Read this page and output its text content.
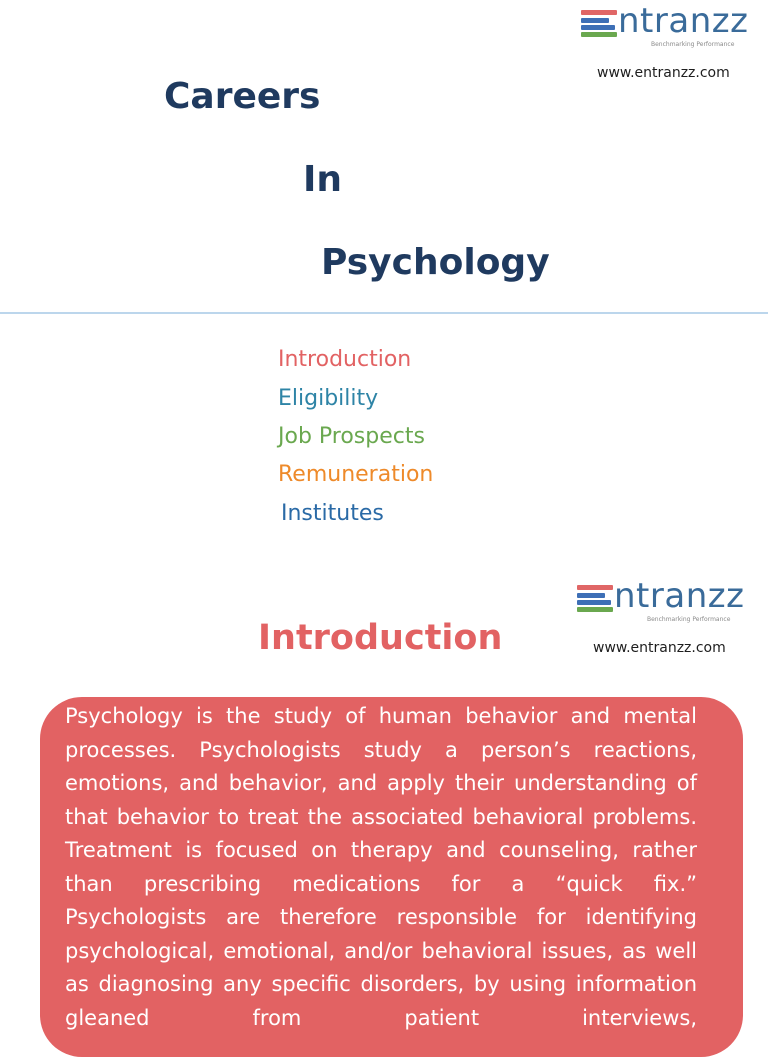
ntranzz
Benchmarking Performance
www.entranzz.com
Careers
In
Psychology
Introduction
Eligibility
Job Prospects
Remuneration
Institutes
ntranzz
Benchmarking Performance
www.entranzz.com
Introduction
Psychology is the study of human behavior and mental processes. Psychologists study a person’s reactions, emotions, and behavior, and apply their understanding of that behavior to treat the associated behavioral problems. Treatment is focused on therapy and counseling, rather than prescribing medications for a “quick fix.” Psychologists are therefore responsible for identifying psychological, emotional, and/or behavioral issues, as well as diagnosing any specific disorders, by using information gleaned from patient interviews,
